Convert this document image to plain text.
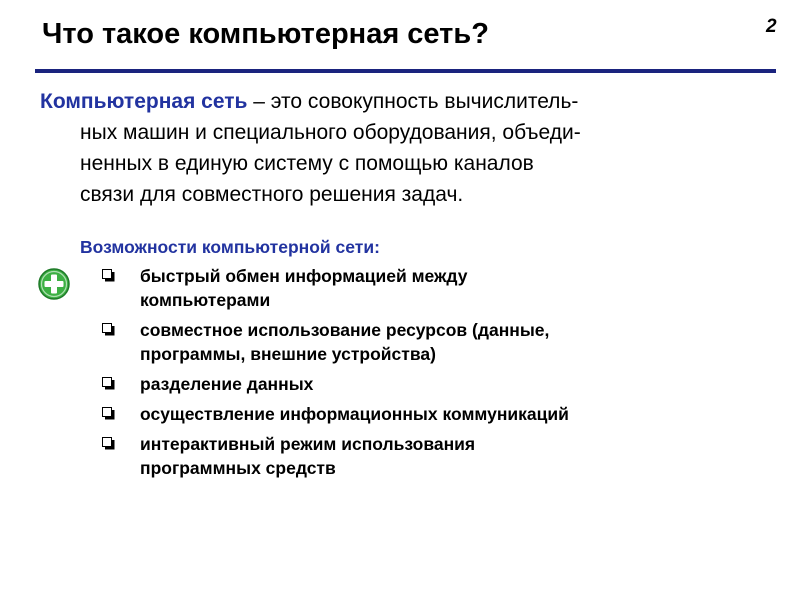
Что такое компьютерная сеть?	2

Компьютерная сеть – это совокупность вычислитель-
ных машин и специального оборудования, объеди-
ненных в единую систему с помощью каналов
связи для совместного решения задач.

Возможности компьютерной сети:
быстрый обмен информацией между
компьютерами
совместное использование ресурсов (данные,
программы, внешние устройства)
разделение данных
осуществление информационных коммуникаций
интерактивный режим использования
программных средств
